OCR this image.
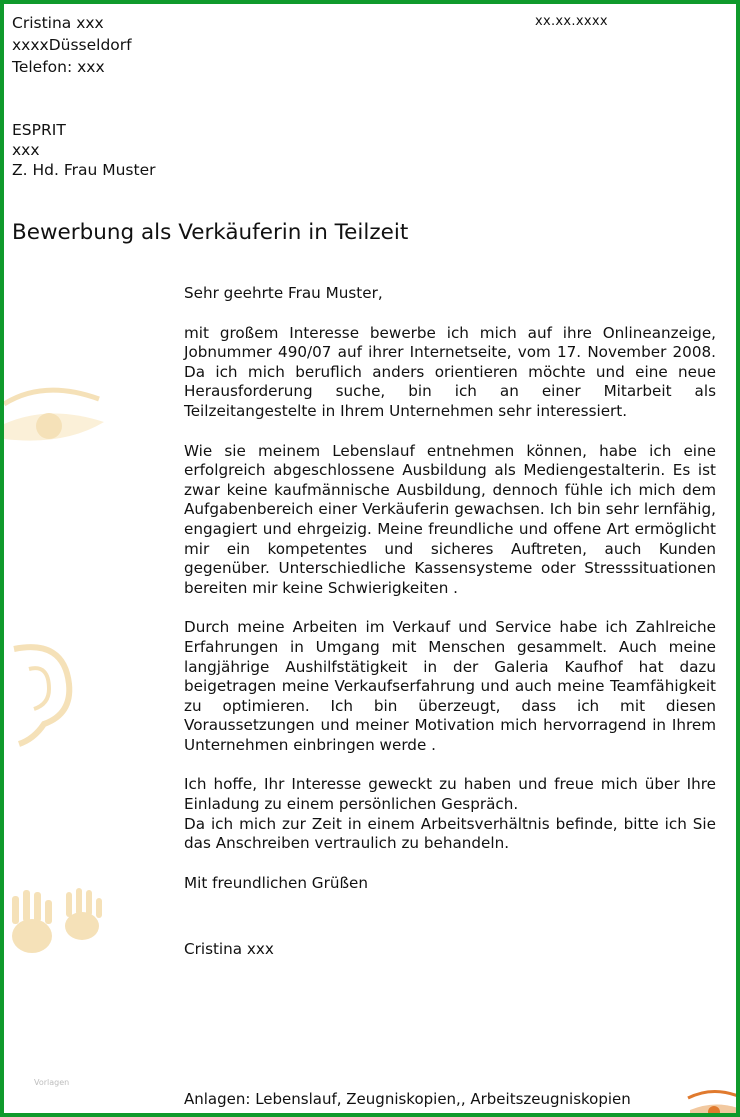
Cristina xxx
xxxxDüsseldorf
Telefon: xxx
xx.xx.xxxx
ESPRIT
xxx
Z. Hd. Frau Muster
Bewerbung als Verkäuferin in Teilzeit

Sehr geehrte Frau Muster,

mit großem Interesse bewerbe ich mich auf ihre Onlineanzeige, Jobnummer 490/07 auf ihrer Internetseite, vom 17. November 2008. Da ich mich beruflich anders orientieren möchte und eine neue Herausforderung suche, bin ich an einer Mitarbeit als Teilzeitangestelte in Ihrem Unternehmen sehr interessiert.

Wie sie meinem Lebenslauf entnehmen können, habe ich eine erfolgreich abgeschlossene Ausbildung als Mediengestalterin. Es ist zwar keine kaufmännische Ausbildung, dennoch fühle ich mich dem Aufgabenbereich einer Verkäuferin gewachsen. Ich bin sehr lernfähig, engagiert und ehrgeizig. Meine freundliche und offene Art ermöglicht mir ein kompetentes und sicheres Auftreten, auch Kunden gegenüber. Unterschiedliche Kassensysteme oder Stresssituationen bereiten mir keine Schwierigkeiten .

Durch meine Arbeiten im Verkauf und Service habe ich Zahlreiche Erfahrungen in Umgang mit Menschen gesammelt. Auch meine langjährige Aushilfstätigkeit in der Galeria Kaufhof hat dazu beigetragen meine Verkaufserfahrung und auch meine Teamfähigkeit zu optimieren. Ich bin überzeugt, dass ich mit diesen Voraussetzungen und meiner Motivation mich hervorragend in Ihrem Unternehmen einbringen werde .

Ich hoffe, Ihr Interesse geweckt zu haben und freue mich über Ihre Einladung zu einem persönlichen Gespräch.
Da ich mich zur Zeit in einem Arbeitsverhältnis befinde, bitte ich Sie das Anschreiben vertraulich zu behandeln.

Mit freundlichen Grüßen

Cristina xxx

Vorlagen
Anlagen: Lebenslauf, Zeugniskopien,, Arbeitszeugniskopien
